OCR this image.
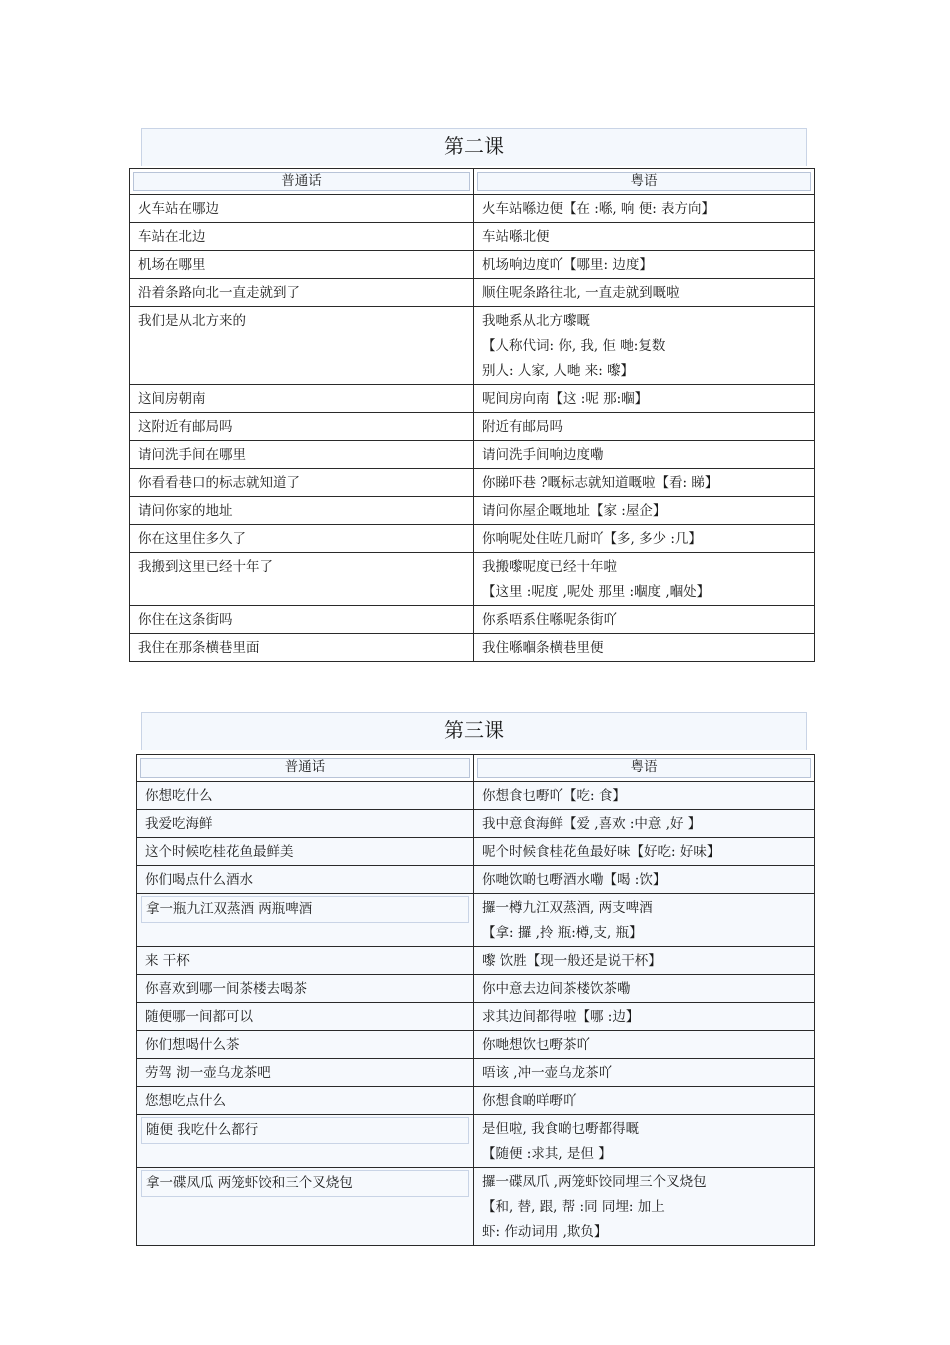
第二课
普通话	粤语
火车站在哪边	火车站喺边便【在 :喺, 响 便: 表方向】

车站在北边	车站喺北便

机场在哪里	机场响边度吖【哪里: 边度】

沿着条路向北一直走就到了	顺住呢条路往北, 一直走就到嘅啦

我们是从北方来的	我哋系从北方嚟嘅
【人称代词: 你, 我, 佢 哋:复数
别人: 人家, 人哋 来: 嚟】

这间房朝南	呢间房向南【这 :呢 那:嗰】

这附近有邮局吗	附近有邮局吗

请问洗手间在哪里	请问洗手间响边度嘞

你看看巷口的标志就知道了	你睇吓巷 ?嘅标志就知道嘅啦【看: 睇】

请问你家的地址	请问你屋企嘅地址【家 :屋企】

你在这里住多久了	你响呢处住咗几耐吖【多, 多少 :几】

我搬到这里已经十年了	我搬嚟呢度已经十年啦
【这里 :呢度 ,呢处 那里 :嗰度 ,嗰处】

你住在这条街吗	你系唔系住喺呢条街吖

我住在那条横巷里面	我住喺嗰条横巷里便
第三课
普通话	粤语
你想吃什么	你想食乜嘢吖【吃: 食】

我爱吃海鲜	我中意食海鲜【爱 ,喜欢 :中意 ,好 】

这个时候吃桂花鱼最鲜美	呢个时候食桂花鱼最好味【好吃: 好味】

你们喝点什么酒水	你哋饮啲乜嘢酒水嘞【喝 :饮】

拿一瓶九江双蒸酒 两瓶啤酒	攞一樽九江双蒸酒, 两支啤酒
【拿: 攞 ,拎 瓶:樽,支, 瓶】

来 干杯	嚟 饮胜【现一般还是说干杯】

你喜欢到哪一间茶楼去喝茶	你中意去边间茶楼饮茶嘞

随便哪一间都可以	求其边间都得啦【哪 :边】

你们想喝什么茶	你哋想饮乜嘢茶吖

劳驾 沏一壶乌龙茶吧	唔该 ,冲一壶乌龙茶吖

您想吃点什么	你想食啲咩嘢吖

随便 我吃什么都行	是但啦, 我食啲乜嘢都得嘅
【随便 :求其, 是但 】

拿一碟凤瓜 两笼虾饺和三个叉烧包	攞一碟凤爪 ,两笼虾饺同埋三个叉烧包
【和, 替, 跟, 帮 :同 同埋: 加上
虾: 作动词用 ,欺负】
